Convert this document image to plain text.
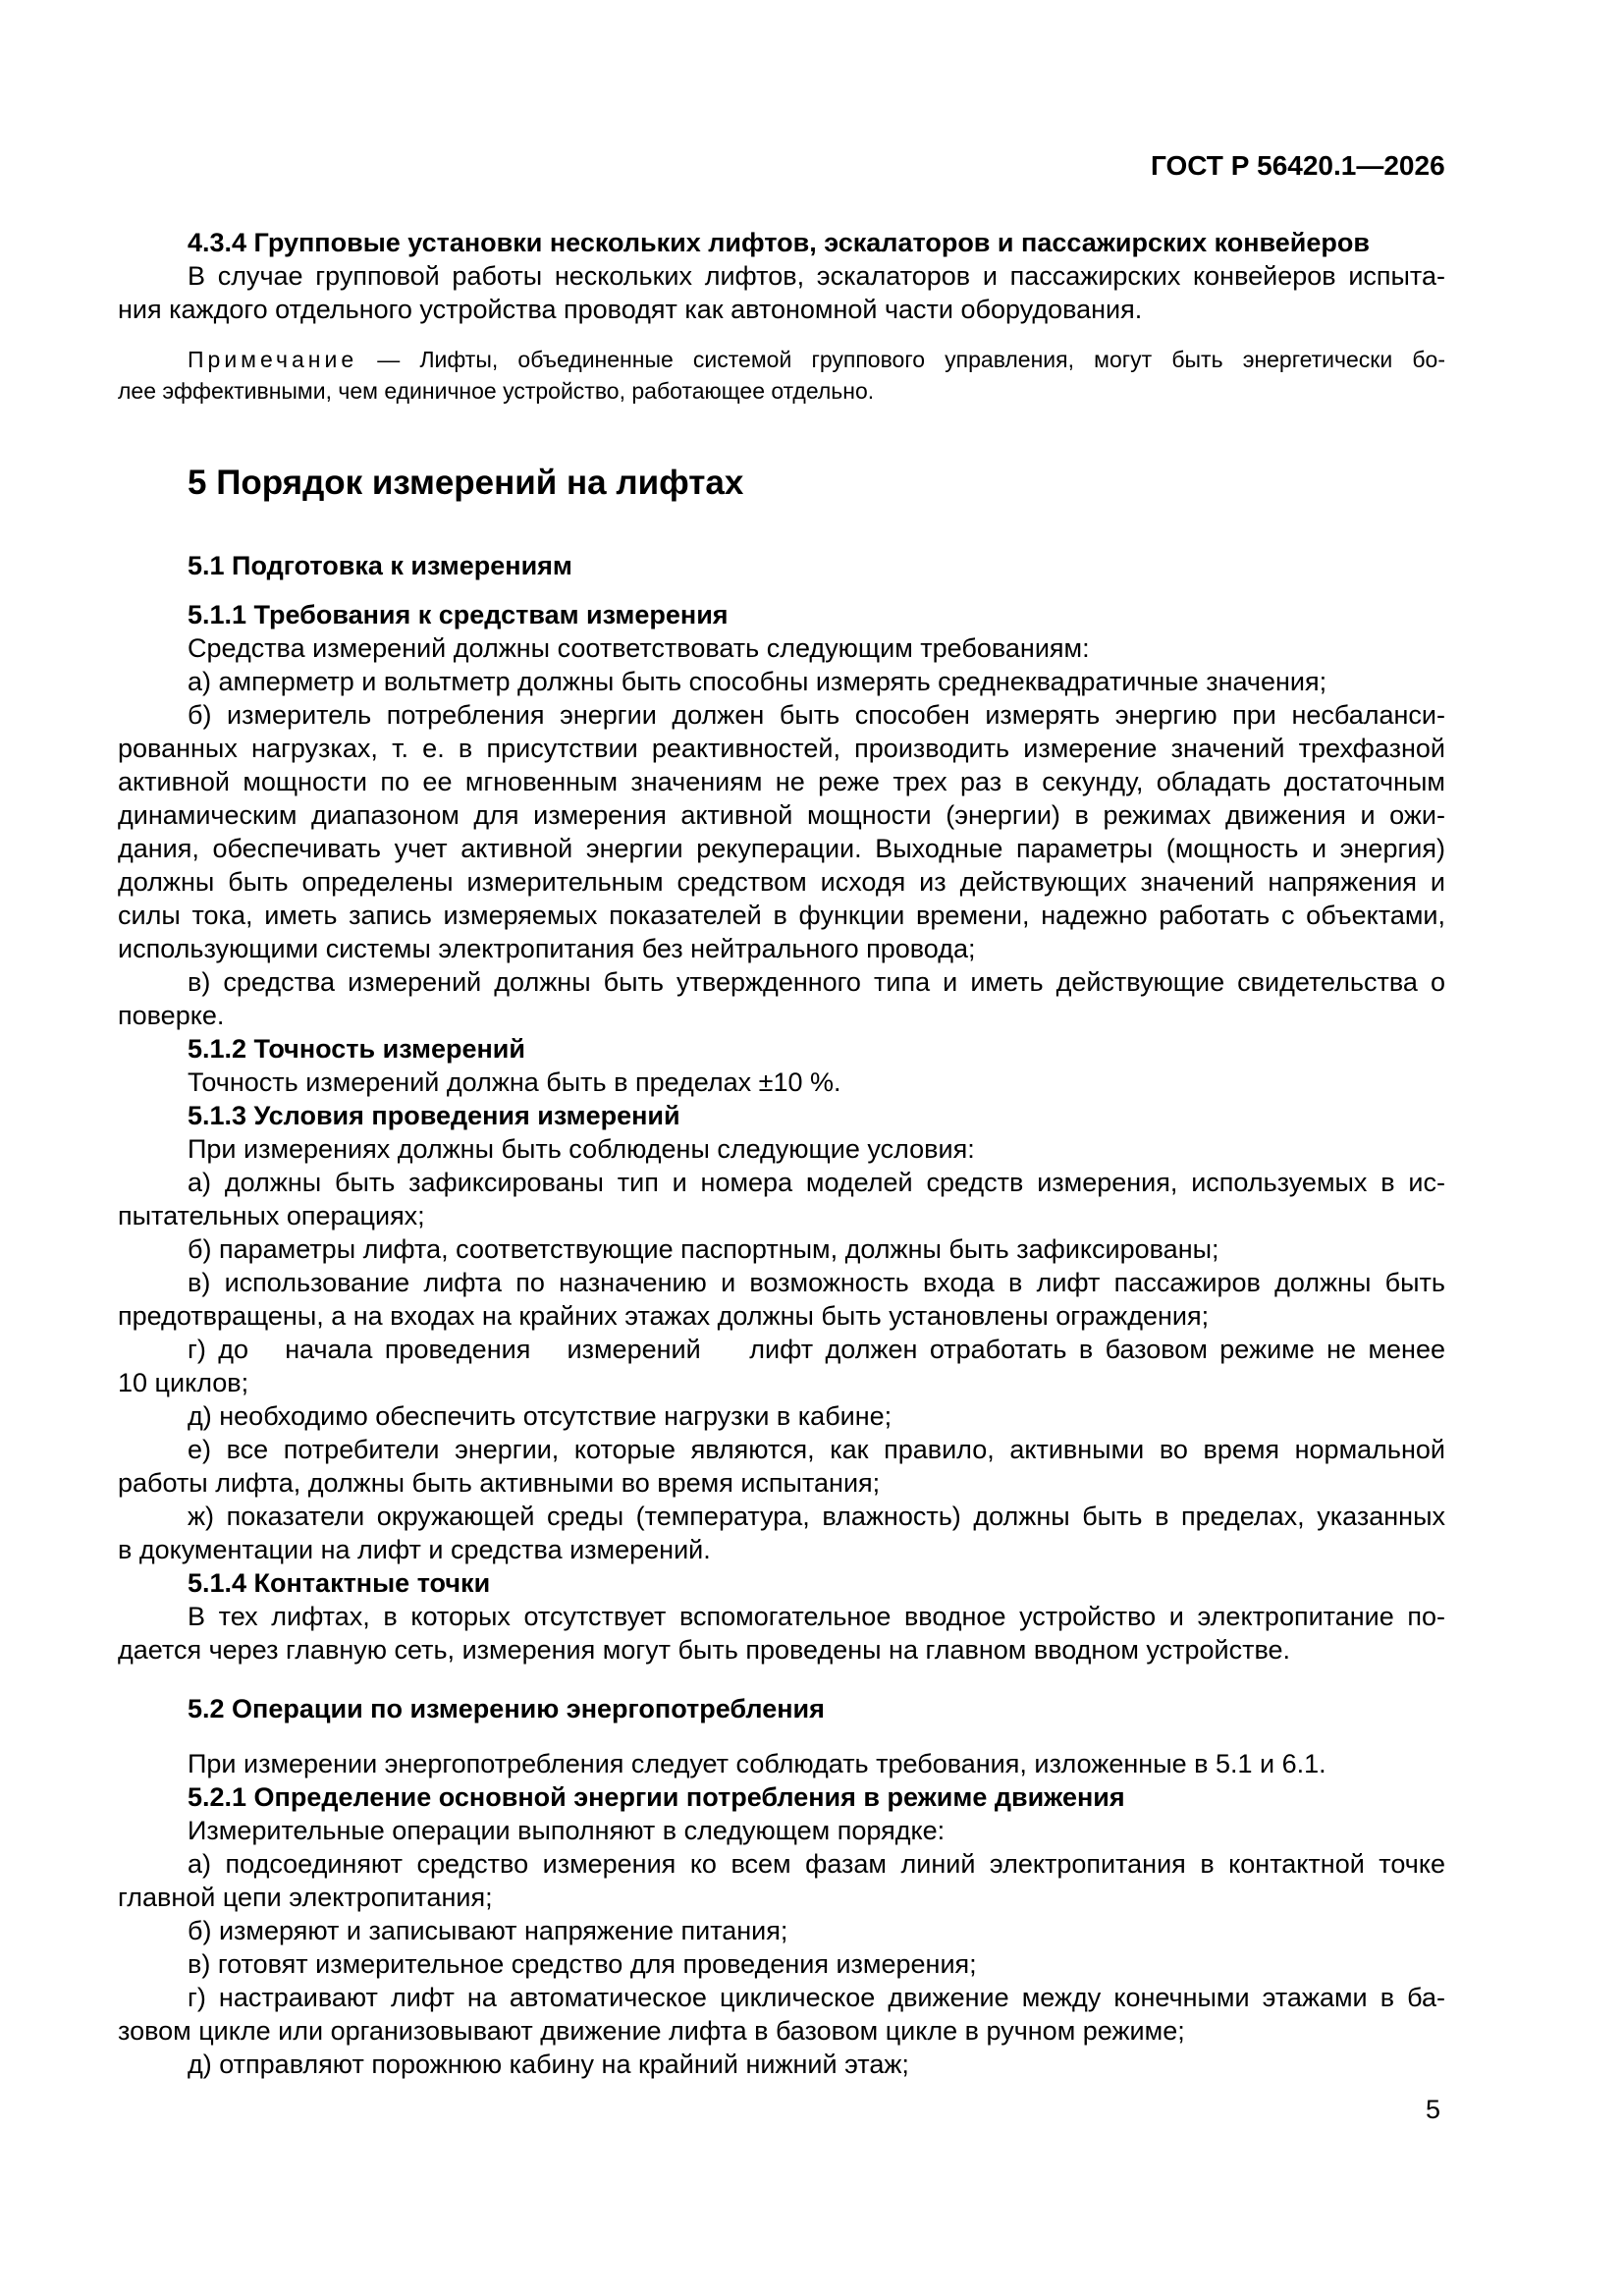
ГОСТ Р 56420.1—2026
4.3.4 Групповые установки нескольких лифтов, эскалаторов и пассажирских конвейеров
В случае групповой работы нескольких лифтов, эскалаторов и пассажирских конвейеров испыта-
ния каждого отдельного устройства проводят как автономной части оборудования.
Примечание — Лифты, объединенные системой группового управления, могут быть энергетически бо-
лее эффективными, чем единичное устройство, работающее отдельно.
5 Порядок измерений на лифтах
5.1 Подготовка к измерениям
5.1.1 Требования к средствам измерения
Средства измерений должны соответствовать следующим требованиям:
а) амперметр и вольтметр должны быть способны измерять среднеквадратичные значения;
б) измеритель потребления энергии должен быть способен измерять энергию при несбаланси-
рованных нагрузках, т. е. в присутствии реактивностей, производить измерение значений трехфазной
активной мощности по ее мгновенным значениям не реже трех раз в секунду, обладать достаточным
динамическим диапазоном для измерения активной мощности (энергии) в режимах движения и ожи-
дания, обеспечивать учет активной энергии рекуперации. Выходные параметры (мощность и энергия)
должны быть определены измерительным средством исходя из действующих значений напряжения и
силы тока, иметь запись измеряемых показателей в функции времени, надежно работать с объектами,
использующими системы электропитания без нейтрального провода;
в) средства измерений должны быть утвержденного типа и иметь действующие свидетельства о
поверке.
5.1.2 Точность измерений
Точность измерений должна быть в пределах ±10 %.
5.1.3 Условия проведения измерений
При измерениях должны быть соблюдены следующие условия:
а) должны быть зафиксированы тип и номера моделей средств измерения, используемых в ис-
пытательных операциях;
б) параметры лифта, соответствующие паспортным, должны быть зафиксированы;
в) использование лифта по назначению и возможность входа в лифт пассажиров должны быть
предотвращены, а на входах на крайних этажах должны быть установлены ограждения;
г) до   начала проведения   измерений    лифт должен отработать в базовом режиме не менее
10 циклов;
д) необходимо обеспечить отсутствие нагрузки в кабине;
е) все потребители энергии, которые являются, как правило, активными во время нормальной
работы лифта, должны быть активными во время испытания;
ж) показатели окружающей среды (температура, влажность) должны быть в пределах, указанных
в документации на лифт и средства измерений.
5.1.4 Контактные точки
В тех лифтах, в которых отсутствует вспомогательное вводное устройство и электропитание по-
дается через главную сеть, измерения могут быть проведены на главном вводном устройстве.
5.2 Операции по измерению энергопотребления
При измерении энергопотребления следует соблюдать требования, изложенные в 5.1 и 6.1.
5.2.1 Определение основной энергии потребления в режиме движения
Измерительные операции выполняют в следующем порядке:
а) подсоединяют средство измерения ко всем фазам линий электропитания в контактной точке
главной цепи электропитания;
б) измеряют и записывают напряжение питания;
в) готовят измерительное средство для проведения измерения;
г) настраивают лифт на автоматическое циклическое движение между конечными этажами в ба-
зовом цикле или организовывают движение лифта в базовом цикле в ручном режиме;
д) отправляют порожнюю кабину на крайний нижний этаж;
5
